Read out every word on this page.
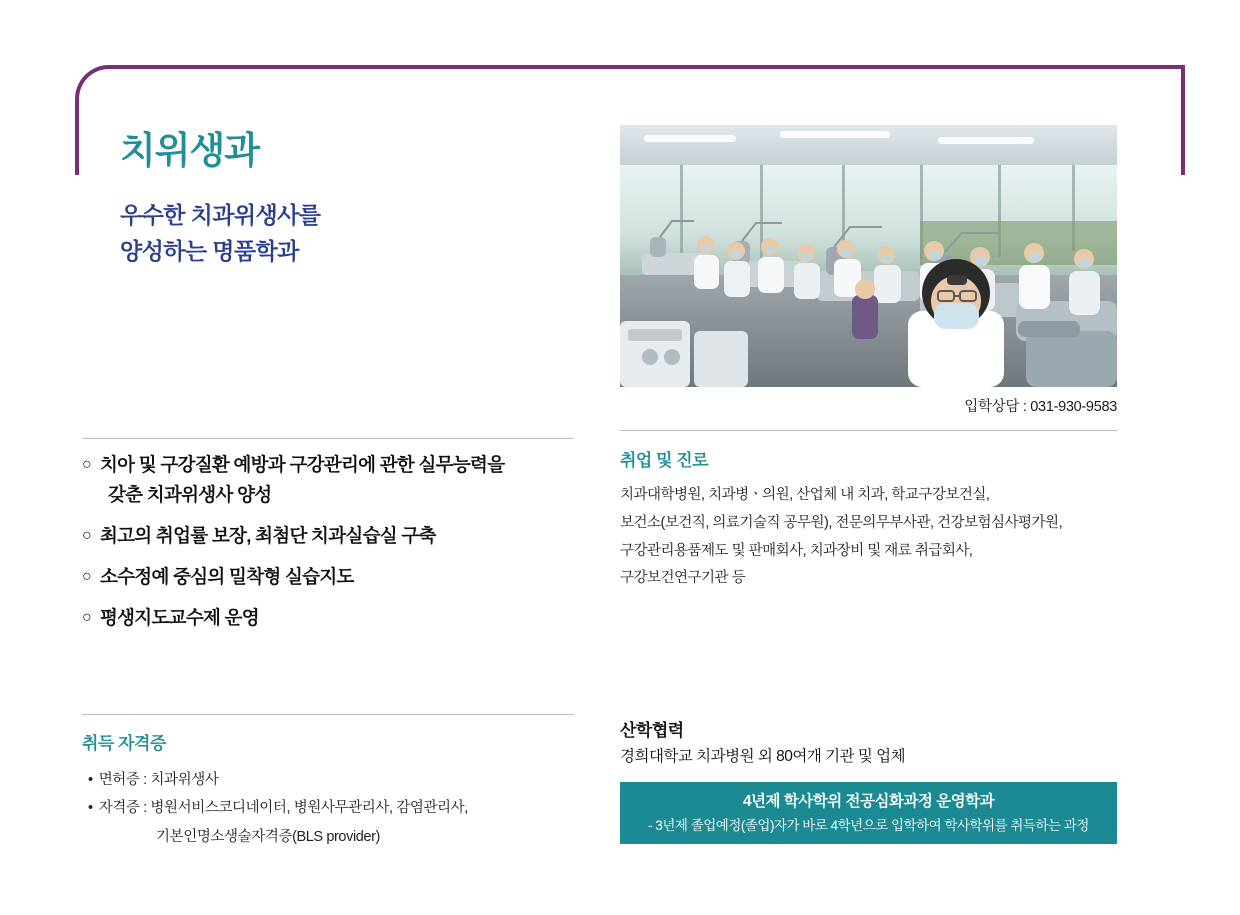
치위생과
우수한 치과위생사를
양성하는 명품학과
입학상담 : 031-930-9583
○ 치아 및 구강질환 예방과 구강관리에 관한 실무능력을
갖춘 치과위생사 양성
○ 최고의 취업률 보장, 최첨단 치과실습실 구축
○ 소수정예 중심의 밀착형 실습지도
○ 평생지도교수제 운영
취업 및 진로
치과대학병원, 치과병ㆍ의원, 산업체 내 치과, 학교구강보건실,
보건소(보건직, 의료기술직 공무원), 전문의무부사관, 건강보험심사평가원,
구강관리용품제도 및 판매회사, 치과장비 및 재료 취급회사,
구강보건연구기관 등
취득 자격증
• 면허증 : 치과위생사
• 자격증 : 병원서비스코디네이터, 병원사무관리사, 감염관리사,
기본인명소생술자격증(BLS provider)
산학협력
경희대학교 치과병원 외 80여개 기관 및 업체
4년제 학사학위 전공심화과정 운영학과
- 3년제 졸업예정(졸업)자가 바로 4학년으로 입학하여 학사학위를 취득하는 과정
